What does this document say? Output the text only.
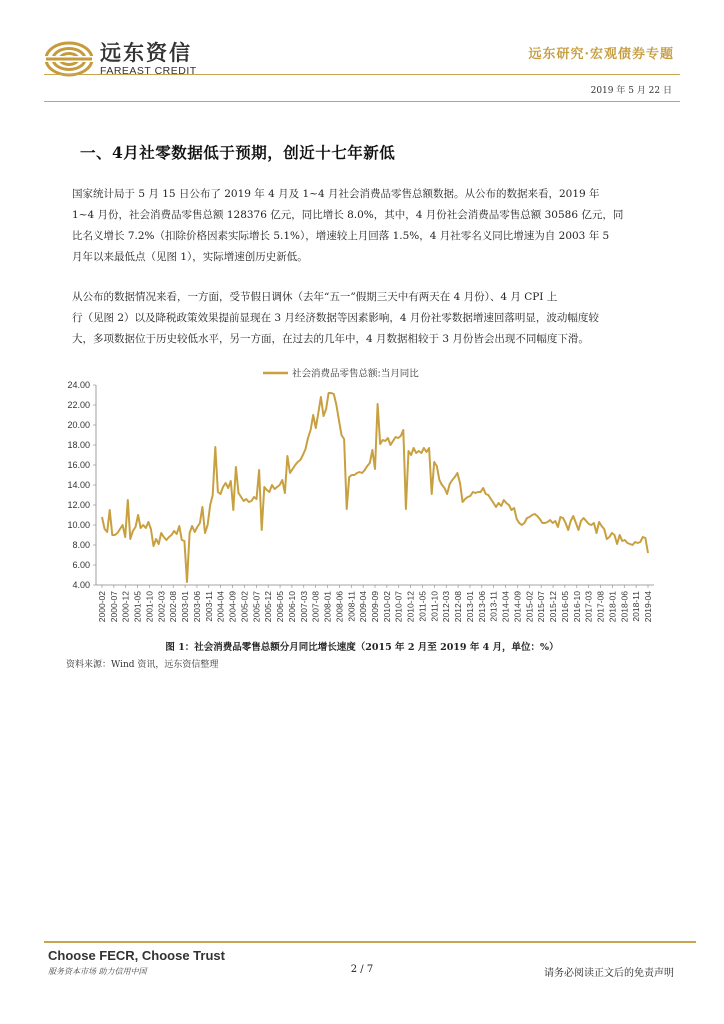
远东资信
FAREAST CREDIT
远东研究·宏观债券专题
2019 年 5 月 22 日
一、4月社零数据低于预期，创近十七年新低
国家统计局于 5 月 15 日公布了 2019 年 4 月及 1~4 月社会消费品零售总额数据。从公布的数据来看，2019 年
1~4 月份，社会消费品零售总额 128376 亿元，同比增长 8.0%，其中，4 月份社会消费品零售总额 30586 亿元，同
比名义增长 7.2%（扣除价格因素实际增长 5.1%），增速较上月回落 1.5%，4 月社零名义同比增速为自 2003 年 5
月年以来最低点（见图 1），实际增速创历史新低。
从公布的数据情况来看，一方面，受节假日调休（去年“五一”假期三天中有两天在 4 月份）、4 月 CPI 上
行（见图 2）以及降税政策效果提前显现在 3 月经济数据等因素影响，4 月份社零数据增速回落明显，波动幅度较
大，多项数据位于历史较低水平，另一方面，在过去的几年中，4 月数据相较于 3 月份皆会出现不同幅度下滑。
24.00
22.00
20.00
18.00
16.00
14.00
12.00
10.00
8.00
6.00
4.00
2000-02 2000-07 2000-12 2001-05 2001-10 2002-03 2002-08 2003-01 2003-06 2003-11 2004-04 2004-09 2005-02 2005-07 2005-12 2006-05 2006-10 2007-03 2007-08 2008-01 2008-06 2008-11 2009-04 2009-09 2010-02 2010-07 2010-12 2011-05 2011-10 2012-03 2012-08 2013-01 2013-06 2013-11 2014-04 2014-09 2015-02 2015-07 2015-12 2016-05 2016-10 2017-03 2017-08 2018-01 2018-06 2018-11 2019-04
社会消费品零售总额:当月同比
图 1：社会消费品零售总额分月同比增长速度（2015 年 2 月至 2019 年 4 月，单位：%）
资料来源：Wind 资讯，远东资信整理
Choose FECR, Choose Trust
服务资本市场 助力信用中国	2 / 7	请务必阅读正文后的免责声明
